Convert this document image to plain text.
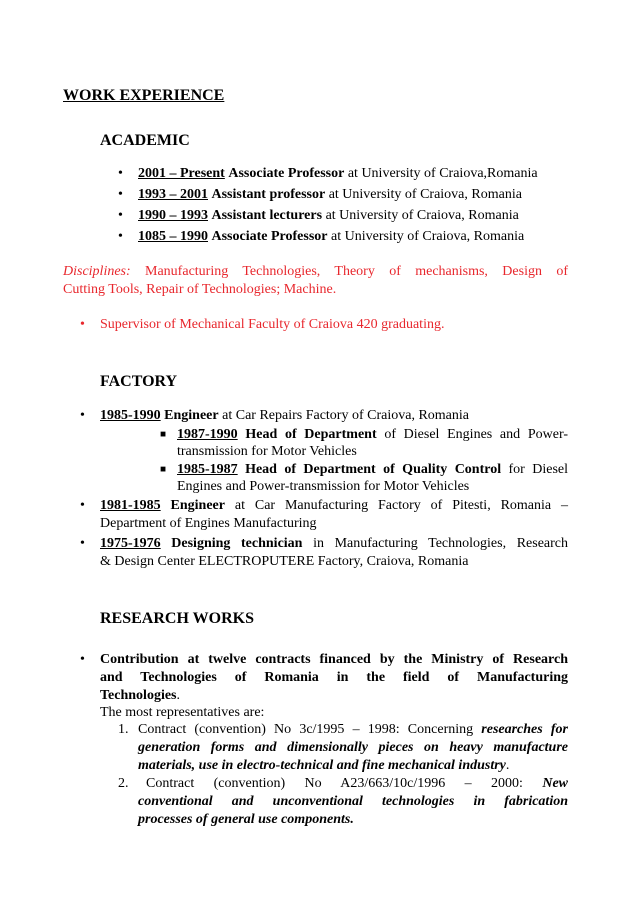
WORK EXPERIENCE
ACADEMIC
• 2001 – Present Associate Professor at University of Craiova,Romania
• 1993 – 2001 Assistant professor at University of Craiova, Romania
• 1990 – 1993 Assistant lecturers at University of Craiova, Romania
• 1085 – 1990 Associate Professor at University of Craiova, Romania
Disciplines: Manufacturing Technologies, Theory of mechanisms, Design of
Cutting Tools, Repair of Technologies; Machine.
• Supervisor of Mechanical Faculty of Craiova 420 graduating.
FACTORY
• 1985-1990 Engineer at Car Repairs Factory of Craiova, Romania
■ 1987-1990 Head of Department of Diesel Engines and Power-
transmission for Motor Vehicles
■ 1985-1987 Head of Department of Quality Control for Diesel
Engines and Power-transmission for Motor Vehicles
• 1981-1985 Engineer at Car Manufacturing Factory of Pitesti, Romania –
Department of Engines Manufacturing
• 1975-1976 Designing technician in Manufacturing Technologies, Research
& Design Center ELECTROPUTERE Factory, Craiova, Romania
RESEARCH WORKS
• Contribution at twelve contracts financed by the Ministry of Research
and Technologies of Romania in the field of Manufacturing
Technologies.
The most representatives are:
1. Contract (convention) No 3c/1995 – 1998: Concerning researches for
generation forms and dimensionally pieces on heavy manufacture
materials, use in electro-technical and fine mechanical industry.
2. Contract (convention) No A23/663/10c/1996 – 2000: New
conventional and unconventional technologies in fabrication
processes of general use components.
